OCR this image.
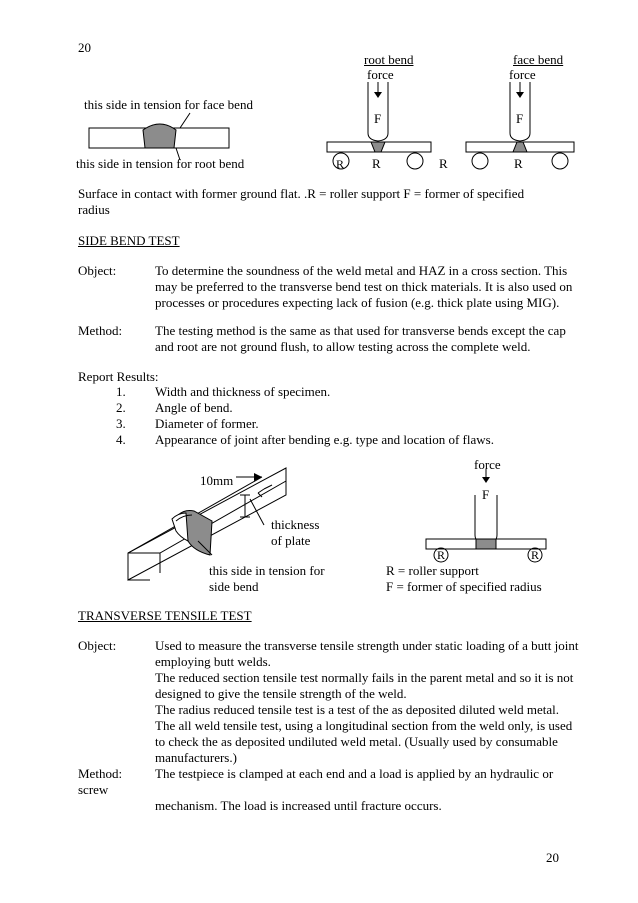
20
root bend	face bend
force	force
F	F
R R	R	R
this side in tension for face bend
this side in tension for root bend
Surface in contact with former ground flat. .R = roller support F = former of specified
radius
SIDE BEND TEST
Object:	To determine the soundness of the weld metal and HAZ in a cross section. This
may be preferred to the transverse bend test on thick materials. It is also used on
processes or procedures expecting lack of fusion (e.g. thick plate using MIG).
Method:	The testing method is the same as that used for transverse bends except the cap
and root are not ground flush, to allow testing across the complete weld.
Report Results:
1. Width and thickness of specimen.
2. Angle of bend.
3. Diameter of former.
4. Appearance of joint after bending e.g. type and location of flaws.
10mm
thickness
of plate
this side in tension for
side bend
force
F
R	R
R = roller support
F = former of specified radius
TRANSVERSE TENSILE TEST
Object:	Used to measure the transverse tensile strength under static loading of a butt joint
employing butt welds.
The reduced section tensile test normally fails in the parent metal and so it is not
designed to give the tensile strength of the weld.
The radius reduced tensile test is a test of the as deposited diluted weld metal.
The all weld tensile test, using a longitudinal section from the weld only, is used
to check the as deposited undiluted weld metal. (Usually used by consumable
manufacturers.)
Method:	The testpiece is clamped at each end and a load is applied by an hydraulic or
screw
mechanism. The load is increased until fracture occurs.
20
